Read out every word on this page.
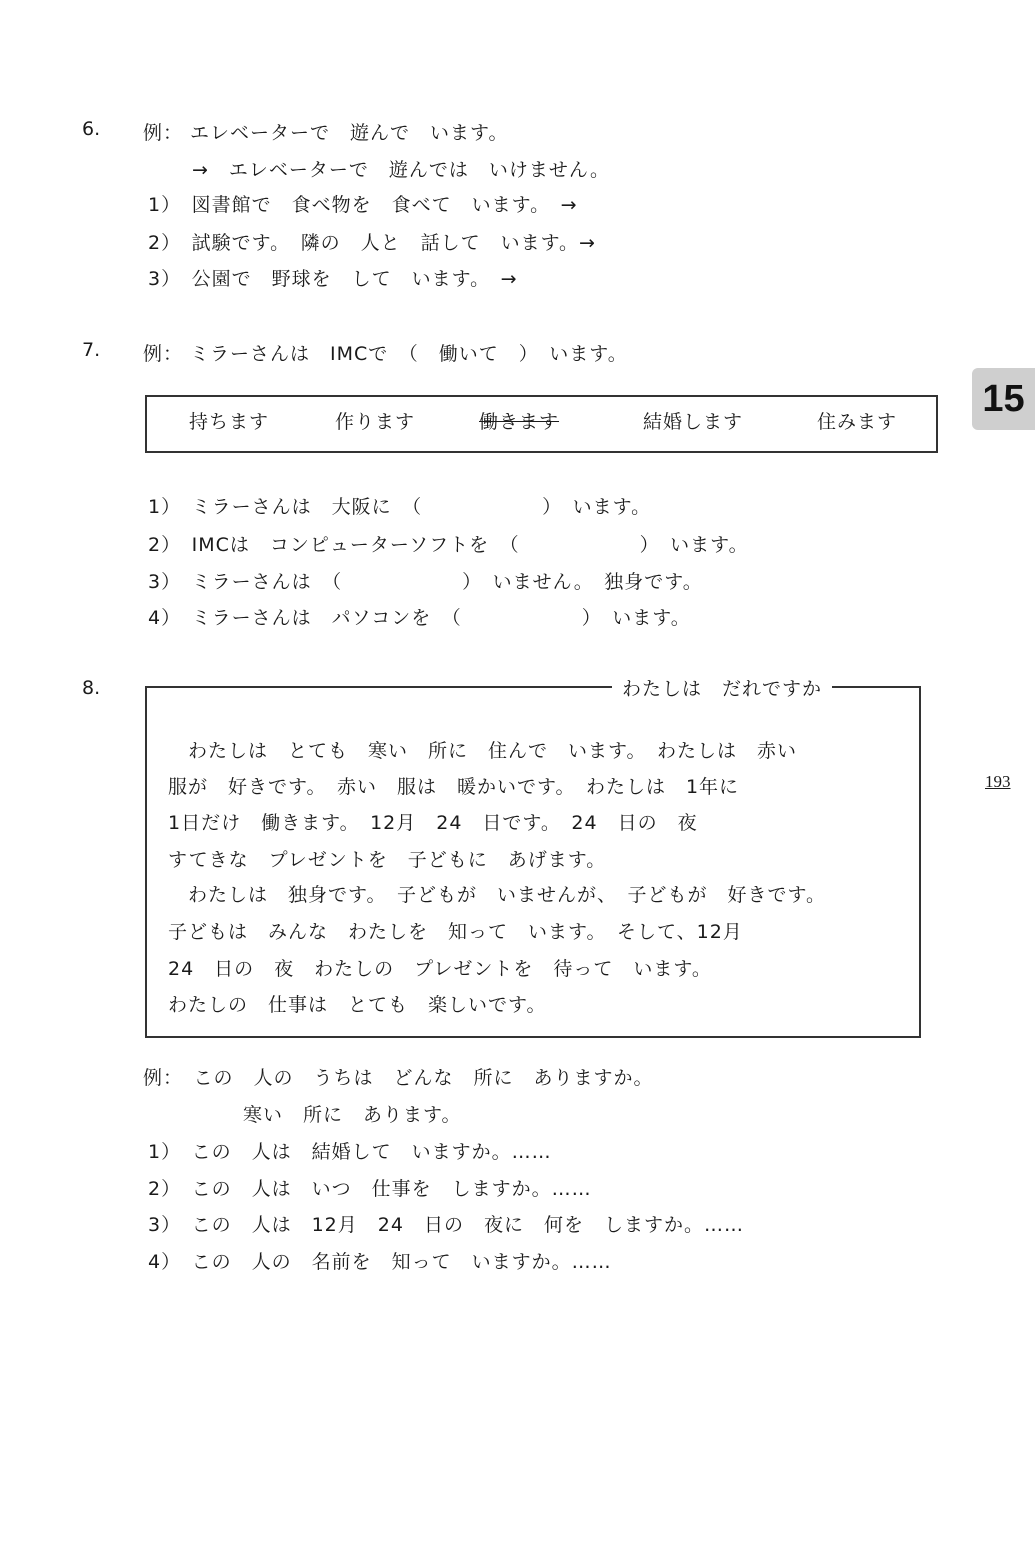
15
193
6. 例： エレベーターで　遊んで　います。
→　エレベーターで　遊んでは　いけません。
1）　図書館で　食べ物を　食べて　います。　→
2）　試験です。　隣の　人と　話して　います。→
3）　公園で　野球を　して　います。　→
7. 例： ミラーさんは　IMCで　（　働いて　）　います。
持ちます	作ります	働きます	結婚します	住みます
1）　ミラーさんは　大阪に　（　　　　　　）　います。
2）　IMCは　コンピューターソフトを　（　　　　　　）　います。
3）　ミラーさんは　（　　　　　　）　いません。　独身です。
4）　ミラーさんは　パソコンを　（　　　　　　）　います。
8.	わたしは　だれですか
　わたしは　とても　寒い　所に　住んで　います。　わたしは　赤い
服が　好きです。　赤い　服は　暖かいです。　わたしは　1年に
1日だけ　働きます。　12月　24　日です。　24　日の　夜
すてきな　プレゼントを　子どもに　あげます。
　わたしは　独身です。　子どもが　いませんが、　子どもが　好きです。
子どもは　みんな　わたしを　知って　います。　そして、12月
24　日の　夜　わたしの　プレゼントを　待って　います。
わたしの　仕事は　とても　楽しいです。
例：　この　人の　うちは　どんな　所に　ありますか。
寒い　所に　あります。
1）　この　人は　結婚して　いますか。……
2）　この　人は　いつ　仕事を　しますか。……
3）　この　人は　12月　24　日の　夜に　何を　しますか。……
4）　この　人の　名前を　知って　いますか。……
